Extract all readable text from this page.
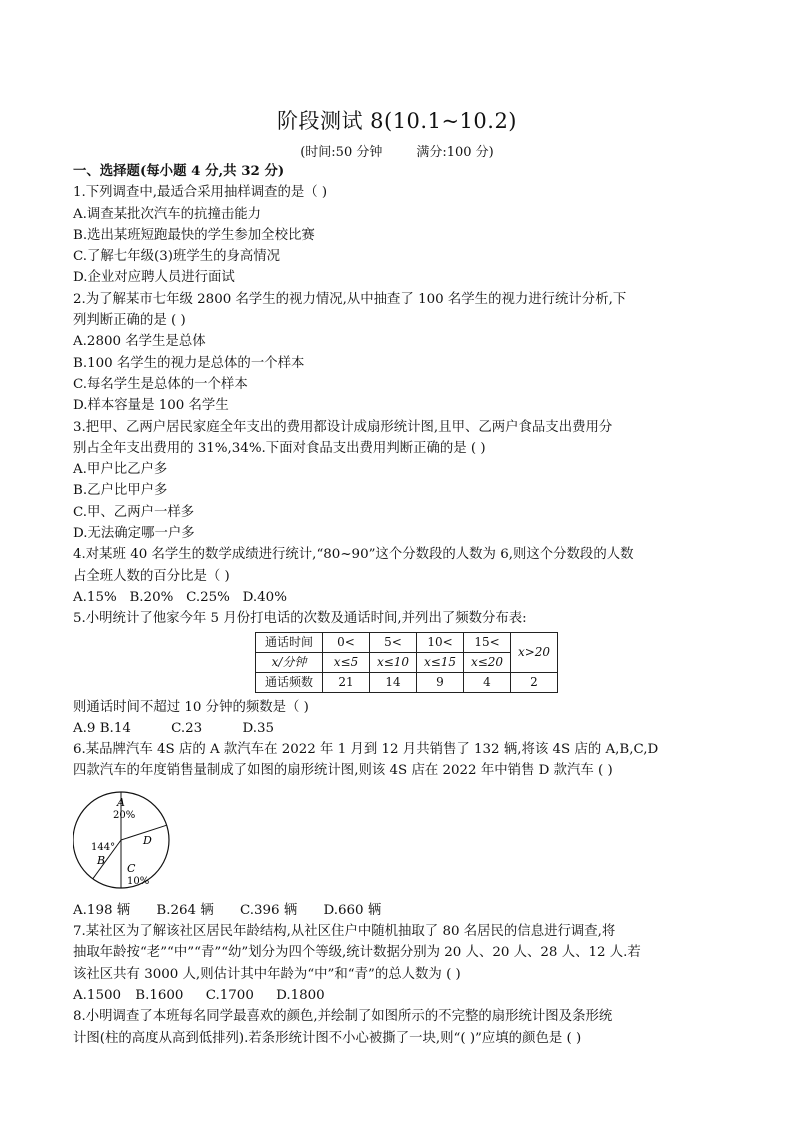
阶段测试 8(10.1~10.2)
(时间:50 分钟	满分:100 分)
一、选择题(每小题 4 分,共 32 分)
1.下列调查中,最适合采用抽样调查的是（ )
A.调查某批次汽车的抗撞击能力
B.选出某班短跑最快的学生参加全校比赛
C.了解七年级(3)班学生的身高情况
D.企业对应聘人员进行面试
2.为了解某市七年级 2800 名学生的视力情况,从中抽查了 100 名学生的视力进行统计分析,下
列判断正确的是 ( )
A.2800 名学生是总体
B.100 名学生的视力是总体的一个样本
C.每名学生是总体的一个样本
D.样本容量是 100 名学生
3.把甲、乙两户居民家庭全年支出的费用都设计成扇形统计图,且甲、乙两户食品支出费用分
别占全年支出费用的 31%,34%.下面对食品支出费用判断正确的是 ( )
A.甲户比乙户多
B.乙户比甲户多
C.甲、乙两户一样多
D.无法确定哪一户多
4.对某班 40 名学生的数学成绩进行统计,“80~90”这个分数段的人数为 6,则这个分数段的人数
占全班人数的百分比是（ )
A.15%   B.20%   C.25%   D.40%
5.小明统计了他家今年 5 月份打电话的次数及通话时间,并列出了频数分布表:
通话时间	0<	5<	10<	15<	x>20
x/分钟	x≤5	x≤10	x≤15	x≤20	
通话频数	21	14	9	4	2
则通话时间不超过 10 分钟的频数是（ )
A.9 B.14	C.23	D.35
6.某品牌汽车 4S 店的 A 款汽车在 2022 年 1 月到 12 月共销售了 132 辆,将该 4S 店的 A,B,C,D
四款汽车的年度销售量制成了如图的扇形统计图,则该 4S 店在 2022 年中销售 D 款汽车 ( )
A
20%
144°
B
C
10%
D
A.198 辆 B.264 辆 C.396 辆 D.660 辆
7.某社区为了解该社区居民年龄结构,从社区住户中随机抽取了 80 名居民的信息进行调查,将
抽取年龄按“老”“中”“青”“幼”划分为四个等级,统计数据分别为 20 人、20 人、28 人、12 人.若
该社区共有 3000 人,则估计其中年龄为“中”和“青”的总人数为 ( )
A.1500 B.1600 C.1700 D.1800
8.小明调查了本班每名同学最喜欢的颜色,并绘制了如图所示的不完整的扇形统计图及条形统
计图(柱的高度从高到低排列).若条形统计图不小心被撕了一块,则“( )”应填的颜色是 ( )
